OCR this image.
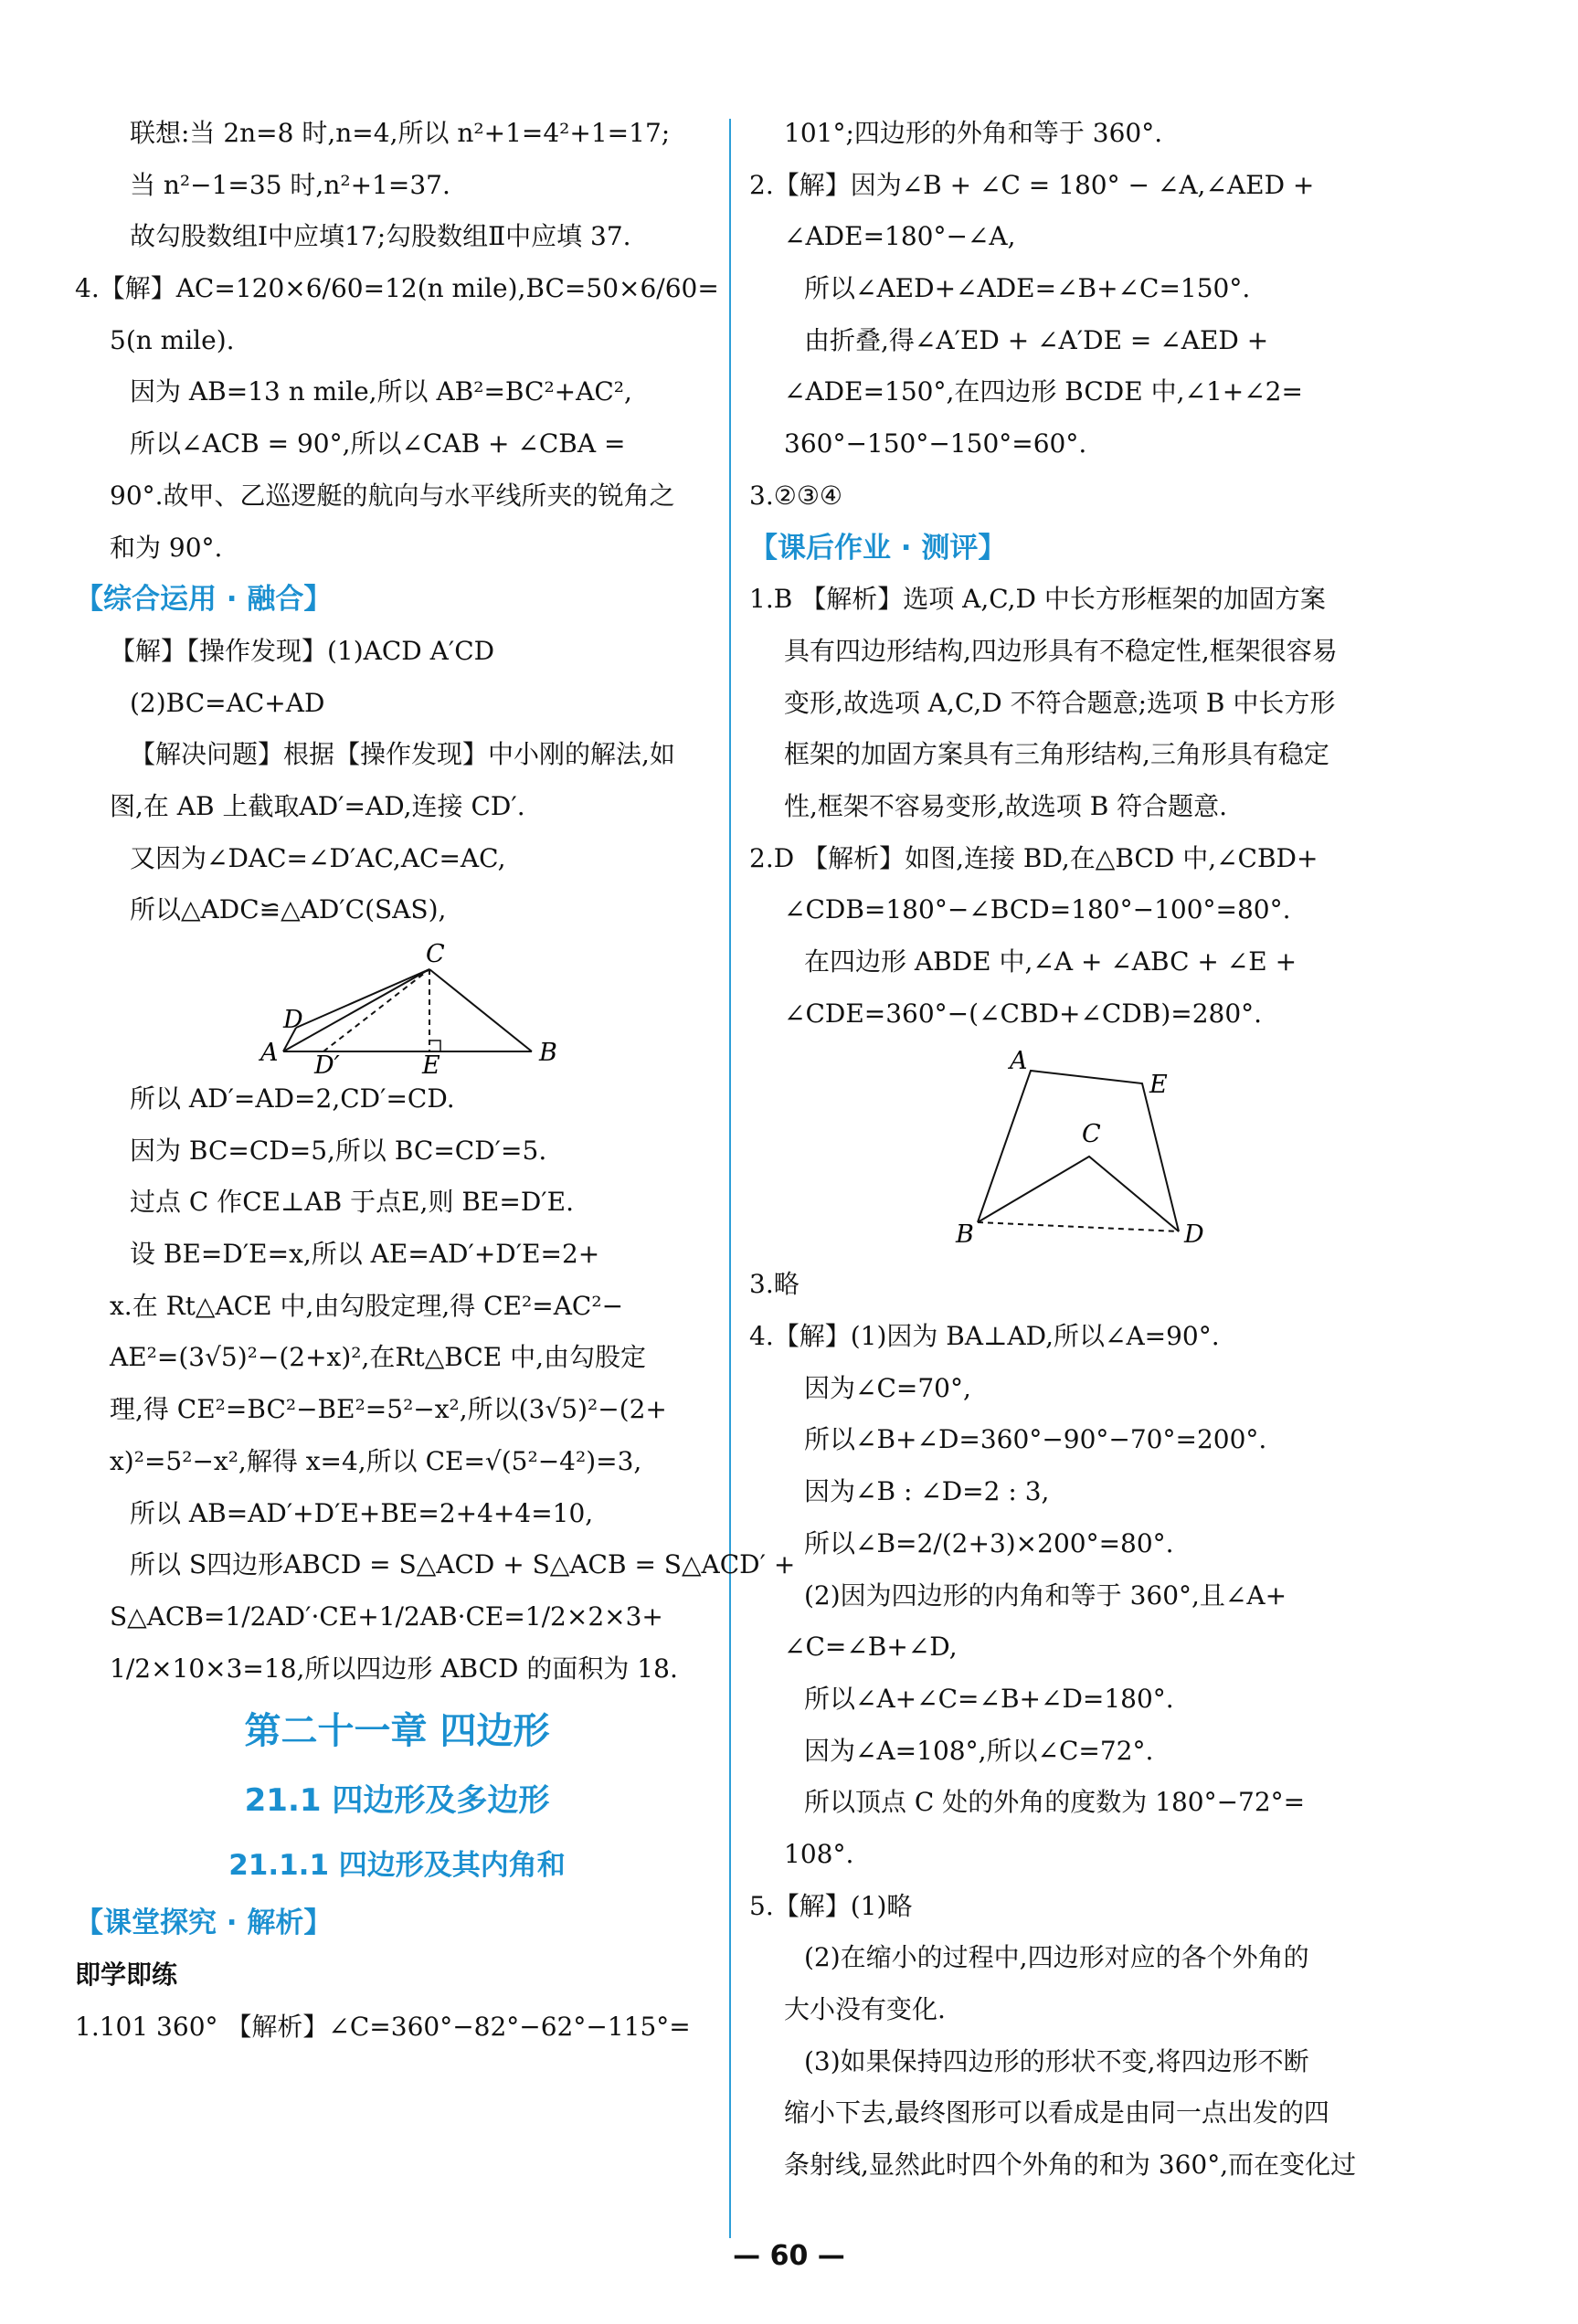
联想:当 2n=8 时,n=4,所以 n²+1=4²+1=17;
当 n²−1=35 时,n²+1=37.
故勾股数组Ⅰ中应填17;勾股数组Ⅱ中应填 37.
4.【解】AC=120×6/60=12(n mile),BC=50×6/60=
5(n mile).
因为 AB=13 n mile,所以 AB²=BC²+AC²,
所以∠ACB = 90°,所以∠CAB + ∠CBA =
90°.故甲、乙巡逻艇的航向与水平线所夹的锐角之
和为 90°.
【综合运用 · 融合】
【解】【操作发现】(1)ACD A′CD
(2)BC=AC+AD
【解决问题】根据【操作发现】中小刚的解法,如
图,在 AB 上截取AD′=AD,连接 CD′.
又因为∠DAC=∠D′AC,AC=AC,
所以△ADC≌△AD′C(SAS),
C
D
A D′	E	B
所以 AD′=AD=2,CD′=CD.
因为 BC=CD=5,所以 BC=CD′=5.
过点 C 作CE⊥AB 于点E,则 BE=D′E.
设 BE=D′E=x,所以 AE=AD′+D′E=2+
x.在 Rt△ACE 中,由勾股定理,得 CE²=AC²−
AE²=(3√5)²−(2+x)²,在Rt△BCE 中,由勾股定
理,得 CE²=BC²−BE²=5²−x²,所以(3√5)²−(2+
x)²=5²−x²,解得 x=4,所以 CE=√(5²−4²)=3,
所以 AB=AD′+D′E+BE=2+4+4=10,
所以 S四边形ABCD = S△ACD + S△ACB = S△ACD′ +
S△ACB=1/2AD′·CE+1/2AB·CE=1/2×2×3+
1/2×10×3=18,所以四边形 ABCD 的面积为 18.
第二十一章 四边形
21.1 四边形及多边形
21.1.1 四边形及其内角和
【课堂探究 · 解析】
即学即练
1.101 360° 【解析】∠C=360°−82°−62°−115°=
101°;四边形的外角和等于 360°.
2.【解】因为∠B + ∠C = 180° − ∠A,∠AED +
∠ADE=180°−∠A,
所以∠AED+∠ADE=∠B+∠C=150°.
由折叠,得∠A′ED + ∠A′DE = ∠AED +
∠ADE=150°,在四边形 BCDE 中,∠1+∠2=
360°−150°−150°=60°.
3.②③④
【课后作业 · 测评】
1.B 【解析】选项 A,C,D 中长方形框架的加固方案
具有四边形结构,四边形具有不稳定性,框架很容易
变形,故选项 A,C,D 不符合题意;选项 B 中长方形
框架的加固方案具有三角形结构,三角形具有稳定
性,框架不容易变形,故选项 B 符合题意.
2.D 【解析】如图,连接 BD,在△BCD 中,∠CBD+
∠CDB=180°−∠BCD=180°−100°=80°.
在四边形 ABDE 中,∠A + ∠ABC + ∠E +
∠CDE=360°−(∠CBD+∠CDB)=280°.
A
E
C
B	D
3.略
4.【解】(1)因为 BA⊥AD,所以∠A=90°.
因为∠C=70°,
所以∠B+∠D=360°−90°−70°=200°.
因为∠B : ∠D=2 : 3,
所以∠B=2/(2+3)×200°=80°.
(2)因为四边形的内角和等于 360°,且∠A+
∠C=∠B+∠D,
所以∠A+∠C=∠B+∠D=180°.
因为∠A=108°,所以∠C=72°.
所以顶点 C 处的外角的度数为 180°−72°=
108°.
5.【解】(1)略
(2)在缩小的过程中,四边形对应的各个外角的
大小没有变化.
(3)如果保持四边形的形状不变,将四边形不断
缩小下去,最终图形可以看成是由同一点出发的四
条射线,显然此时四个外角的和为 360°,而在变化过
— 60 —
